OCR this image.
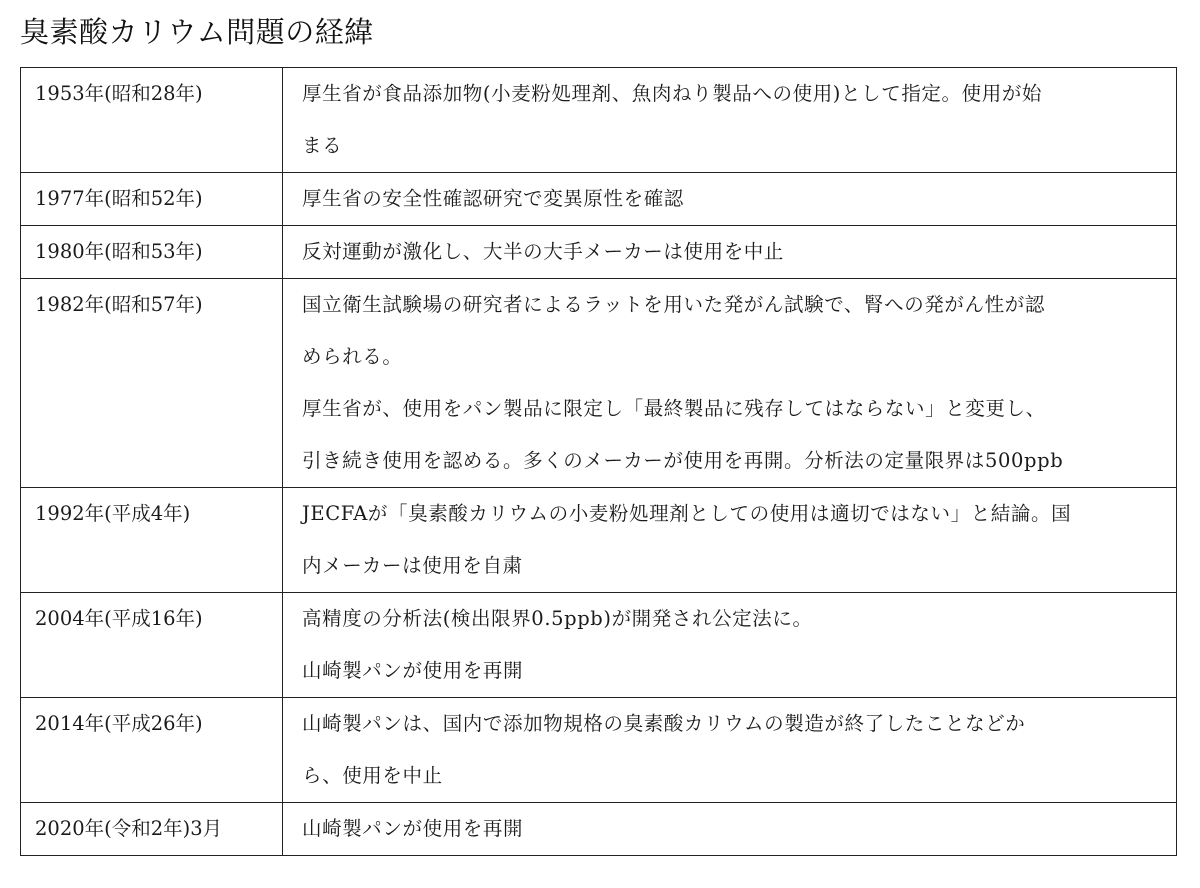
臭素酸カリウム問題の経緯
1953年(昭和28年)	厚生省が食品添加物(小麦粉処理剤、魚肉ねり製品への使用)として指定。使用が始
まる

1977年(昭和52年)	厚生省の安全性確認研究で変異原性を確認

1980年(昭和53年)	反対運動が激化し、大半の大手メーカーは使用を中止

1982年(昭和57年)	国立衛生試験場の研究者によるラットを用いた発がん試験で、腎への発がん性が認
められる。
厚生省が、使用をパン製品に限定し「最終製品に残存してはならない」と変更し、
引き続き使用を認める。多くのメーカーが使用を再開。分析法の定量限界は500ppb

1992年(平成4年)	JECFAが「臭素酸カリウムの小麦粉処理剤としての使用は適切ではない」と結論。国
内メーカーは使用を自粛

2004年(平成16年)	高精度の分析法(検出限界0.5ppb)が開発され公定法に。
山崎製パンが使用を再開

2014年(平成26年)	山崎製パンは、国内で添加物規格の臭素酸カリウムの製造が終了したことなどか
ら、使用を中止

2020年(令和2年)3月	山崎製パンが使用を再開
